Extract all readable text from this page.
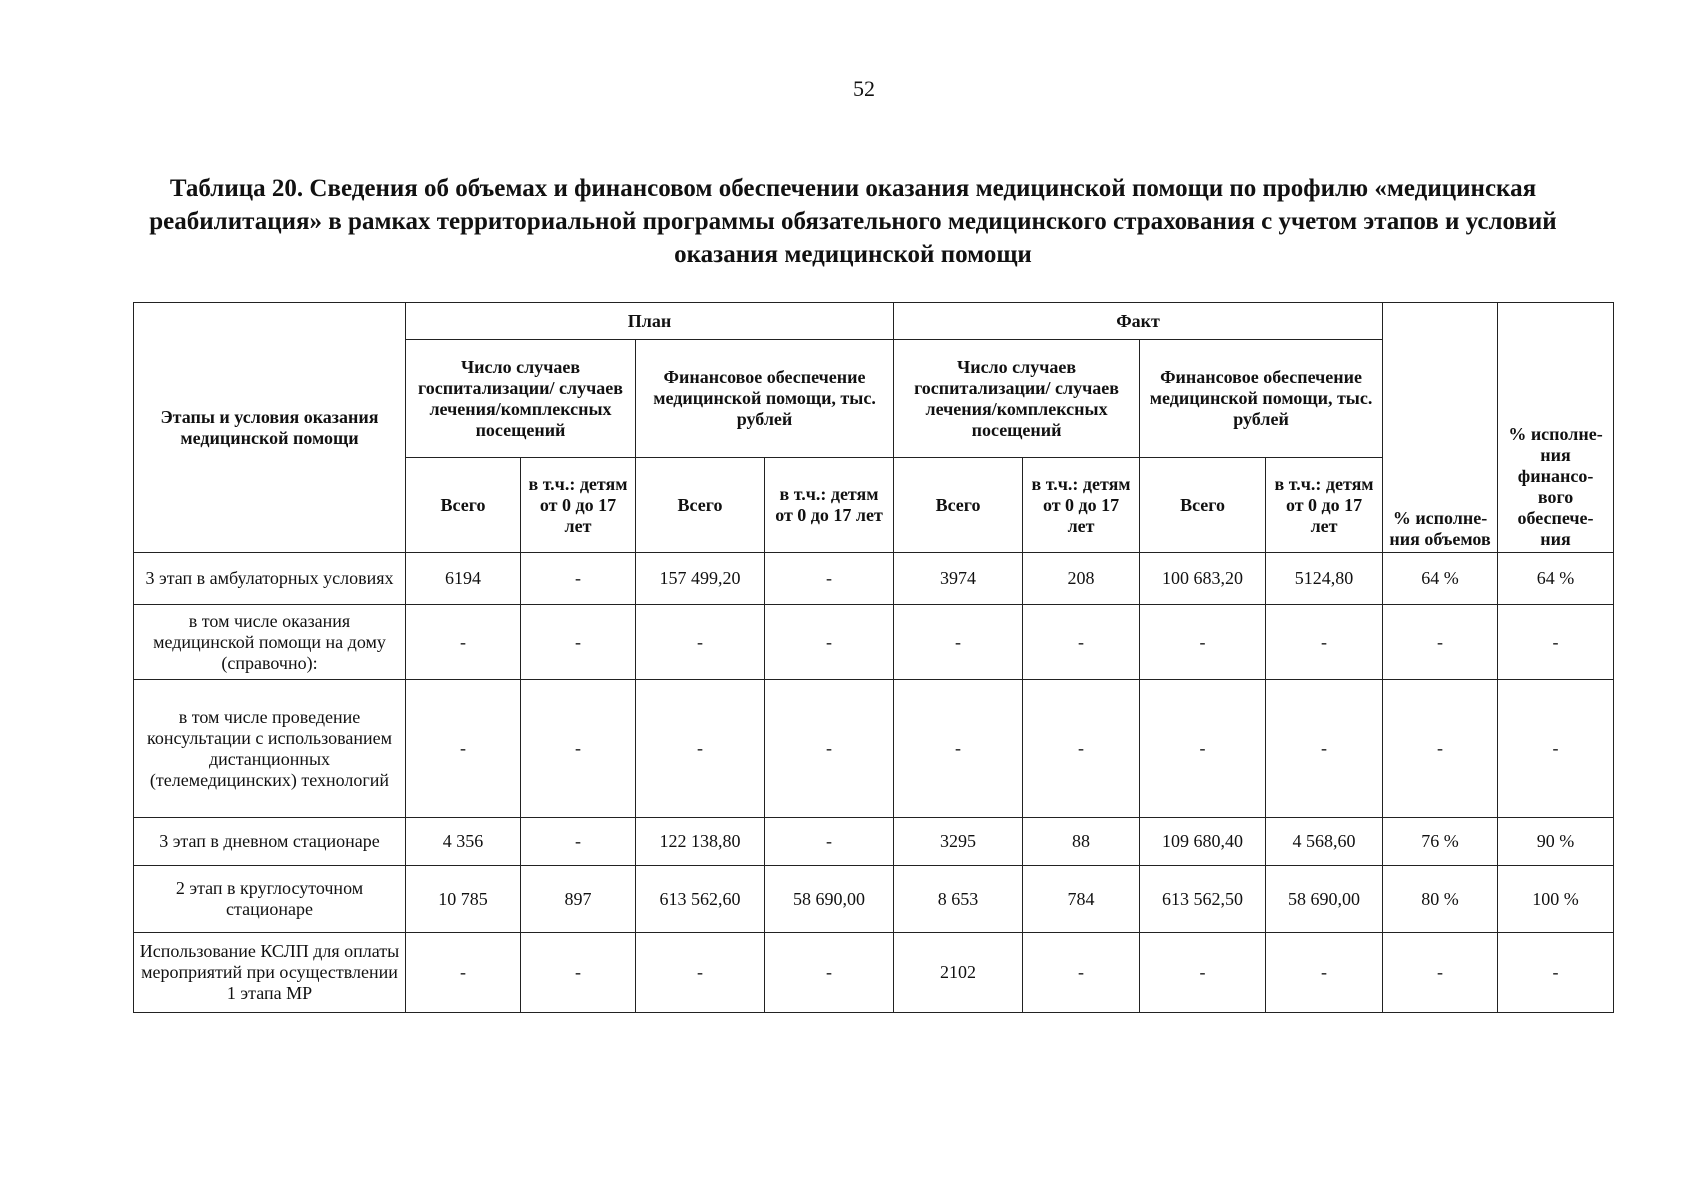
52
Таблица 20. Сведения об объемах и финансовом обеспечении оказания медицинской помощи по профилю «медицинская реабилитация» в рамках территориальной программы обязательного медицинского страхования с учетом этапов и условий оказания медицинской помощи
Этапы и условия оказания медицинской помощи	План				Факт				% исполне-ния объемов	% исполне-ния финансо-вого обеспече-ния
	Число случаев госпитализации/ случаев лечения/комплексных посещений		Финансовое обеспечение медицинской помощи, тыс. рублей		Число случаев госпитализации/ случаев лечения/комплексных посещений		Финансовое обеспечение медицинской помощи, тыс. рублей			
	Всего	в т.ч.: детям от 0 до 17 лет	Всего	в т.ч.: детям от 0 до 17 лет	Всего	в т.ч.: детям от 0 до 17 лет	Всего	в т.ч.: детям от 0 до 17 лет		
3 этап в амбулаторных условиях	6194	-	157 499,20	-	3974	208	100 683,20	5124,80	64 %	64 %
в том числе оказания медицинской помощи на дому (справочно):	-	-	-	-	-	-	-	-	-	-
в том числе проведение консультации с использованием дистанционных (телемедицинских) технологий	-	-	-	-	-	-	-	-	-	-
3 этап в дневном стационаре	4 356	-	122 138,80	-	3295	88	109 680,40	4 568,60	76 %	90 %
2 этап в круглосуточном стационаре	10 785	897	613 562,60	58 690,00	8 653	784	613 562,50	58 690,00	80 %	100 %
Использование КСЛП для оплаты мероприятий при осуществлении 1 этапа МР	-	-	-	-	2102	-	-	-	-	-
